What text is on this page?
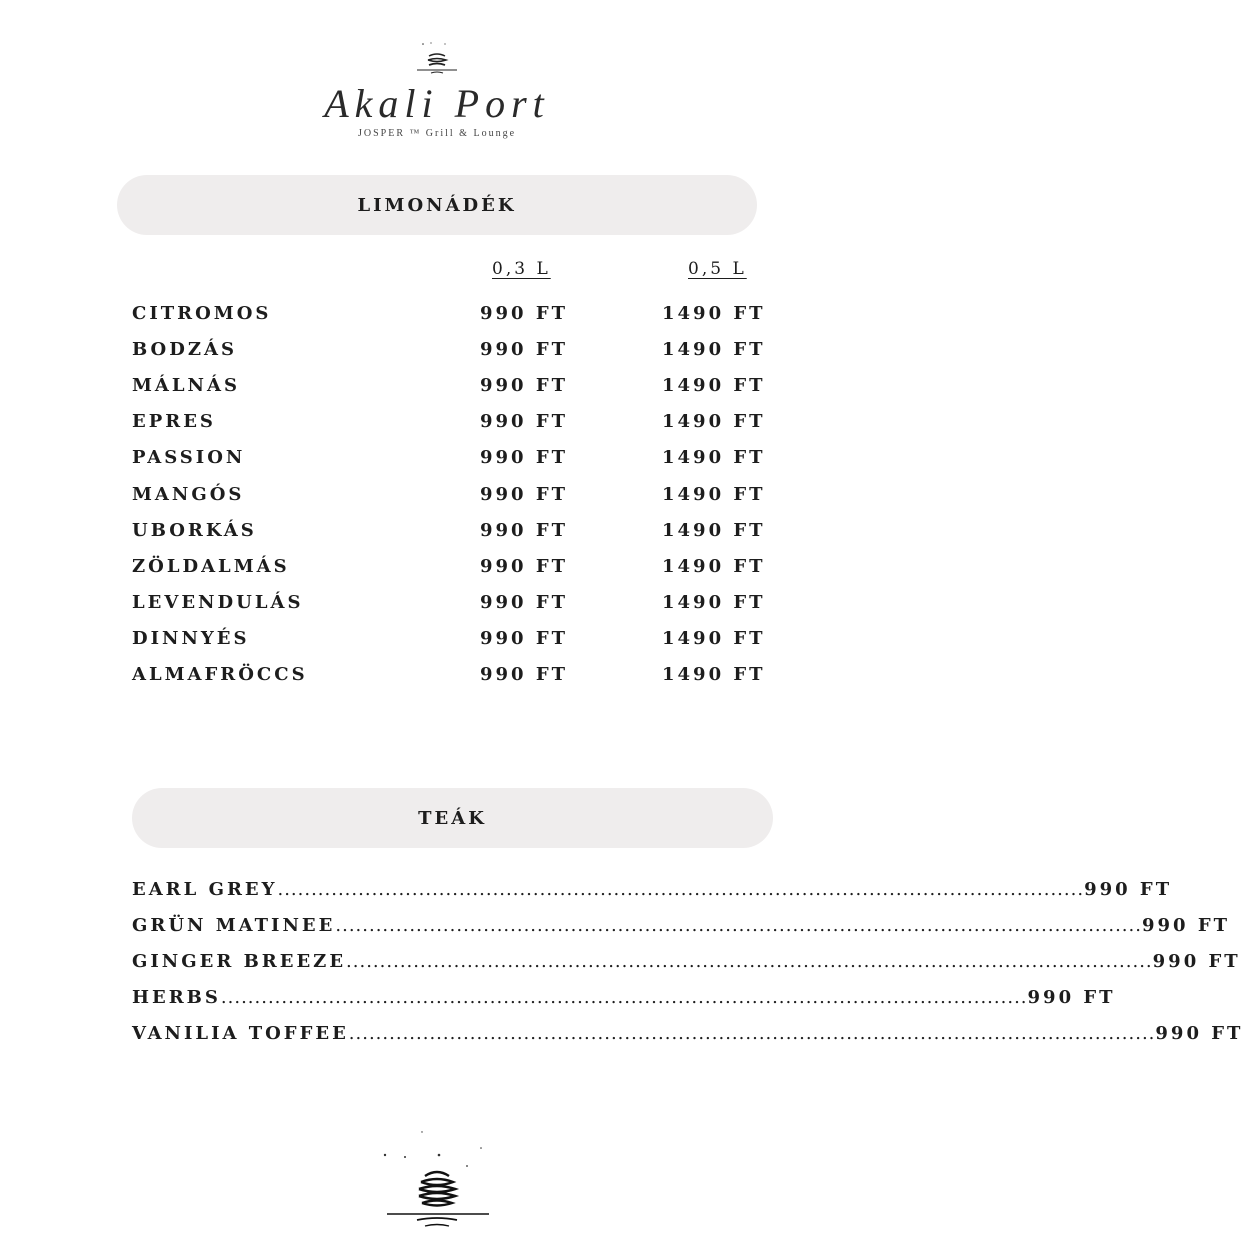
Akali Port
JOSPER ™ Grill & Lounge
LIMONÁDÉK
0,3 L	0,5 L
CITROMOS	990 FT	1490 FT
BODZÁS	990 FT	1490 FT
MÁLNÁS	990 FT	1490 FT
EPRES	990 FT	1490 FT
PASSION	990 FT	1490 FT
MANGÓS	990 FT	1490 FT
UBORKÁS	990 FT	1490 FT
ZÖLDALMÁS	990 FT	1490 FT
LEVENDULÁS	990 FT	1490 FT
DINNYÉS	990 FT	1490 FT
ALMAFRÖCCS	990 FT	1490 FT
TEÁK
EARL GREY ........................................................................................................................ 990 FT
GRÜN MATINEE ........................................................................................................................ 990 FT
GINGER BREEZE ........................................................................................................................ 990 FT
HERBS ........................................................................................................................ 990 FT
VANILIA TOFFEE ........................................................................................................................ 990 FT
